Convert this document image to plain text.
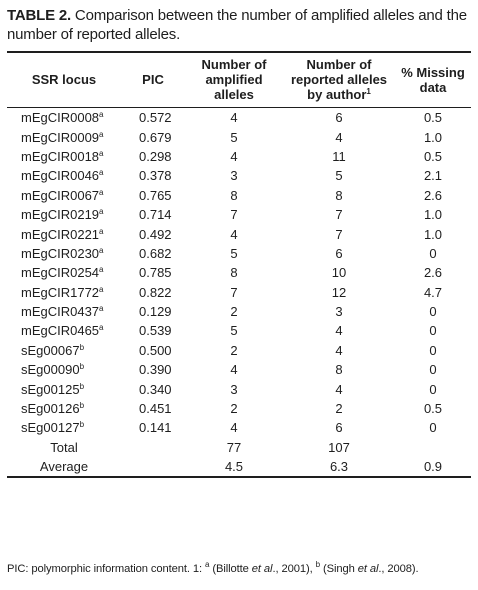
TABLE 2. Comparison between the number of amplified alleles and the number of reported alleles.
SSR locus	PIC	Number of amplified alleles	Number of reported alleles by author$^1$	% Missing data
mEgCIR0008$^a$	0.572	4	6	0.5
mEgCIR0009$^a$	0.679	5	4	1.0
mEgCIR0018$^a$	0.298	4	11	0.5
mEgCIR0046$^a$	0.378	3	5	2.1
mEgCIR0067$^a$	0.765	8	8	2.6
mEgCIR0219$^a$	0.714	7	7	1.0
mEgCIR0221$^a$	0.492	4	7	1.0
mEgCIR0230$^a$	0.682	5	6	0
mEgCIR0254$^a$	0.785	8	10	2.6
mEgCIR1772$^a$	0.822	7	12	4.7
mEgCIR0437$^a$	0.129	2	3	0
mEgCIR0465$^a$	0.539	5	4	0
sEg00067$^b$	0.500	2	4	0
sEg00090$^b$	0.390	4	8	0
sEg00125$^b$	0.340	3	4	0
sEg00126$^b$	0.451	2	2	0.5
sEg00127$^b$	0.141	4	6	0
Total		77	107	
Average		4.5	6.3	0.9
PIC: polymorphic information content. 1: $^a$ (Billotte et al., 2001), $^b$ (Singh et al., 2008).
